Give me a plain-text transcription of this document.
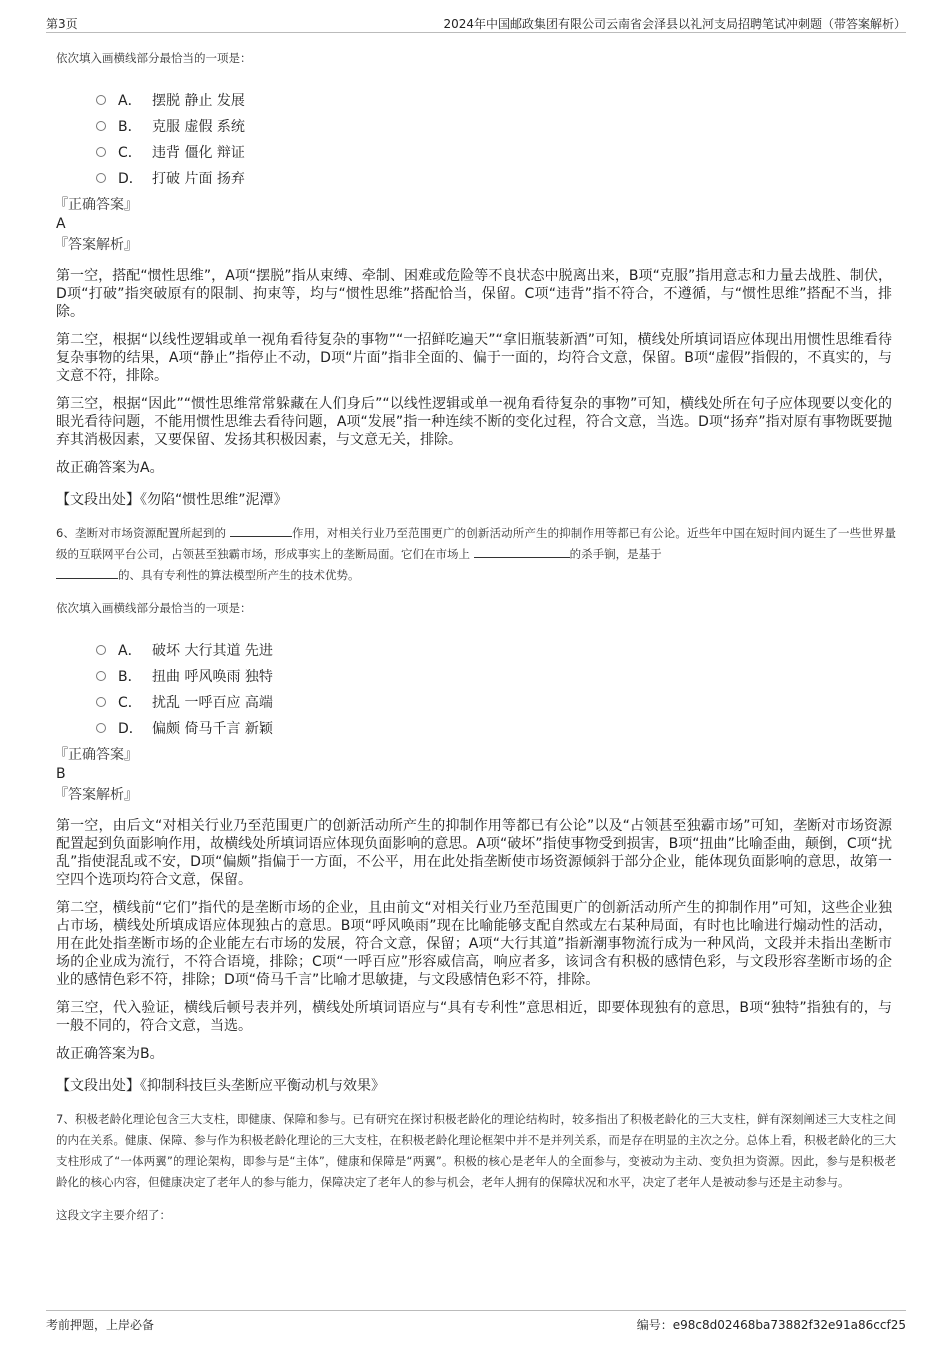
第3页	2024年中国邮政集团有限公司云南省会泽县以礼河支局招聘笔试冲刺题（带答案解析）
依次填入画横线部分最恰当的一项是：
A． 摆脱 静止 发展
B． 克服 虚假 系统
C． 违背 僵化 辩证
D． 打破 片面 扬弃
『正确答案』
A
『答案解析』
第一空，搭配“惯性思维”，A项“摆脱”指从束缚、牵制、困难或危险等不良状态中脱离出来，B项“克服”指用意志和力量去战胜、制伏，D项“打破”指突破原有的限制、拘束等，均与“惯性思维”搭配恰当，保留。C项“违背”指不符合，不遵循，与“惯性思维”搭配不当，排除。
第二空，根据“以线性逻辑或单一视角看待复杂的事物”“一招鲜吃遍天”“拿旧瓶装新酒”可知，横线处所填词语应体现出用惯性思维看待复杂事物的结果，A项“静止”指停止不动，D项“片面”指非全面的、偏于一面的，均符合文意，保留。B项“虚假”指假的，不真实的，与文意不符，排除。
第三空，根据“因此”“惯性思维常常躲藏在人们身后”“以线性逻辑或单一视角看待复杂的事物”可知，横线处所在句子应体现要以变化的眼光看待问题，不能用惯性思维去看待问题，A项“发展”指一种连续不断的变化过程，符合文意，当选。D项“扬弃”指对原有事物既要抛弃其消极因素，又要保留、发扬其积极因素，与文意无关，排除。
故正确答案为A。
【文段出处】《勿陷“惯性思维”泥潭》
6、垄断对市场资源配置所起到的	作用，对相关行业乃至范围更广的创新活动所产生的抑制作用等都已有公论。近些年中国在短时间内诞生了一些世界量级的互联网平台公司，占领甚至独霸市场，形成事实上的垄断局面。它们在市场上	的杀手锏，是基于
的、具有专利性的算法模型所产生的技术优势。
依次填入画横线部分最恰当的一项是：
A． 破坏 大行其道 先进
B． 扭曲 呼风唤雨 独特
C． 扰乱 一呼百应 高端
D． 偏颇 倚马千言 新颖
『正确答案』
B
『答案解析』
第一空，由后文“对相关行业乃至范围更广的创新活动所产生的抑制作用等都已有公论”以及“占领甚至独霸市场”可知，垄断对市场资源配置起到负面影响作用，故横线处所填词语应体现负面影响的意思。A项“破坏”指使事物受到损害，B项“扭曲”比喻歪曲，颠倒，C项“扰乱”指使混乱或不安，D项“偏颇”指偏于一方面，不公平，用在此处指垄断使市场资源倾斜于部分企业，能体现负面影响的意思，故第一空四个选项均符合文意，保留。
第二空，横线前“它们”指代的是垄断市场的企业，且由前文“对相关行业乃至范围更广的创新活动所产生的抑制作用”可知，这些企业独占市场，横线处所填成语应体现独占的意思。B项“呼风唤雨”现在比喻能够支配自然或左右某种局面，有时也比喻进行煽动性的活动，用在此处指垄断市场的企业能左右市场的发展，符合文意，保留；A项“大行其道”指新潮事物流行成为一种风尚，文段并未指出垄断市场的企业成为流行，不符合语境，排除；C项“一呼百应”形容威信高，响应者多，该词含有积极的感情色彩，与文段形容垄断市场的企业的感情色彩不符，排除；D项“倚马千言”比喻才思敏捷，与文段感情色彩不符，排除。
第三空，代入验证，横线后顿号表并列，横线处所填词语应与“具有专利性”意思相近，即要体现独有的意思，B项“独特”指独有的，与一般不同的，符合文意，当选。
故正确答案为B。
【文段出处】《抑制科技巨头垄断应平衡动机与效果》
7、积极老龄化理论包含三大支柱，即健康、保障和参与。已有研究在探讨积极老龄化的理论结构时，较多指出了积极老龄化的三大支柱，鲜有深刻阐述三大支柱之间的内在关系。健康、保障、参与作为积极老龄化理论的三大支柱，在积极老龄化理论框架中并不是并列关系，而是存在明显的主次之分。总体上看，积极老龄化的三大支柱形成了“一体两翼”的理论架构，即参与是“主体”，健康和保障是“两翼”。积极的核心是老年人的全面参与，变被动为主动、变负担为资源。因此，参与是积极老龄化的核心内容，但健康决定了老年人的参与能力，保障决定了老年人的参与机会，老年人拥有的保障状况和水平，决定了老年人是被动参与还是主动参与。
这段文字主要介绍了：
考前押题，上岸必备	编号：e98c8d02468ba73882f32e91a86ccf25
